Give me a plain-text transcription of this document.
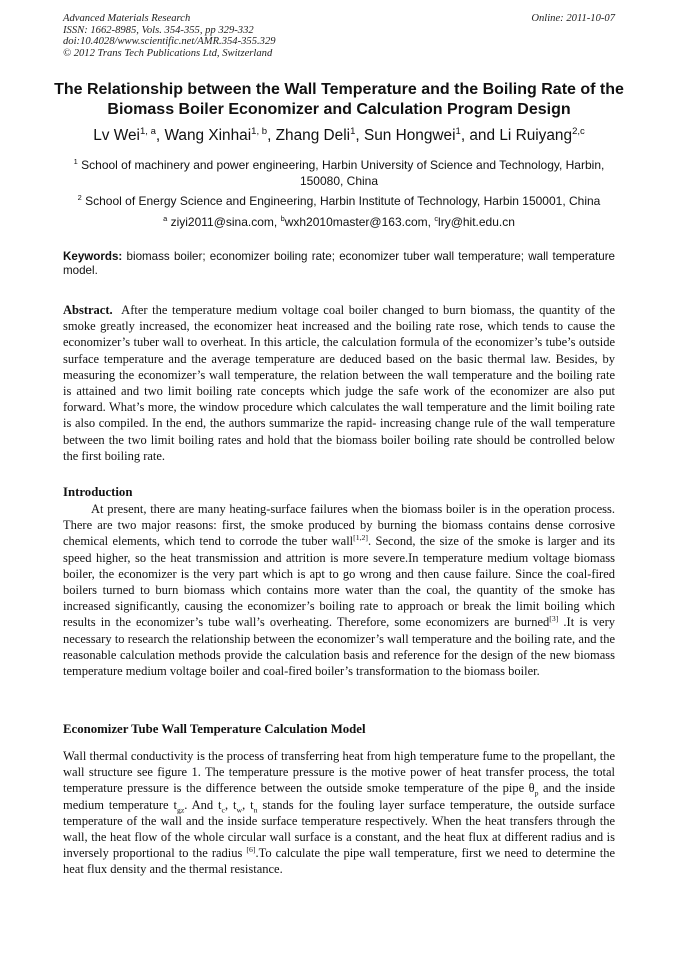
Advanced Materials Research
ISSN: 1662-8985, Vols. 354-355, pp 329-332
doi:10.4028/www.scientific.net/AMR.354-355.329
© 2012 Trans Tech Publications Ltd, Switzerland
Online: 2011-10-07
The Relationship between the Wall Temperature and the Boiling Rate of the Biomass Boiler Economizer and Calculation Program Design
Lv Wei$^{1, a}$, Wang Xinhai$^{1, b}$, Zhang Deli$^1$, Sun Hongwei$^1$, and Li Ruiyang$^{2,c}$
$^1$ School of machinery and power engineering, Harbin University of Science and Technology, Harbin, 150080, China
$^2$ School of Energy Science and Engineering, Harbin Institute of Technology, Harbin 150001, China
$^a$ ziyi2011@sina.com, $^b$wxh2010master@163.com, $^c$lry@hit.edu.cn
Keywords: biomass boiler; economizer boiling rate; economizer tuber wall temperature; wall temperature model.
Abstract. After the temperature medium voltage coal boiler changed to burn biomass, the quantity of the smoke greatly increased, the economizer heat increased and the boiling rate rose, which tends to cause the economizer’s tuber wall to overheat. In this article, the calculation formula of the economizer’s tube’s outside surface temperature and the average temperature are deduced based on the basic thermal law. Besides, by measuring the economizer’s wall temperature, the relation between the wall temperature and the boiling rate is attained and two limit boiling rate concepts which judge the safe work of the economizer are also put forward. What’s more, the window procedure which calculates the wall temperature and the limit boiling rate is also compiled. In the end, the authors summarize the rapid- increasing change rule of the wall temperature between the two limit boiling rates and hold that the biomass boiler boiling rate should be controlled below the first boiling rate.
Introduction

At present, there are many heating-surface failures when the biomass boiler is in the operation process. There are two major reasons: first, the smoke produced by burning the biomass contains dense corrosive chemical elements, which tend to corrode the tuber wall[1,2]. Second, the size of the smoke is larger and its speed higher, so the heat transmission and attrition is more severe.In temperature medium voltage biomass boiler, the economizer is the very part which is apt to go wrong and then cause failure. Since the coal-fired boilers turned to burn biomass which contains more water than the coal, the quantity of the smoke has increased significantly, causing the economizer’s boiling rate to approach or break the limit boiling which results in the economizer’s tube wall’s overheating. Therefore, some economizers are burned[3] .It is very necessary to research the relationship between the economizer’s wall temperature and the boiling rate, and the reasonable calculation methods provide the calculation basis and reference for the design of the new biomass temperature medium voltage boiler and coal-fired boiler’s transformation to the biomass boiler.

Economizer Tube Wall Temperature Calculation Model

Wall thermal conductivity is the process of transferring heat from high temperature fume to the propellant, the wall structure see figure 1. The temperature pressure is the motive power of heat transfer process, the total temperature pressure is the difference between the outside smoke temperature of the pipe $\theta_p$ and the inside medium temperature $t_{gz}$. And $t_c$, $t_w$, $t_n$ stands for the fouling layer surface temperature, the outside surface temperature of the wall and the inside surface temperature respectively. When the heat transfers through the wall, the heat flow of the whole circular wall surface is a constant, and the heat flux at different radius and is inversely proportional to the radius [6].To calculate the pipe wall temperature, first we need to determine the heat flux density and the thermal resistance.
